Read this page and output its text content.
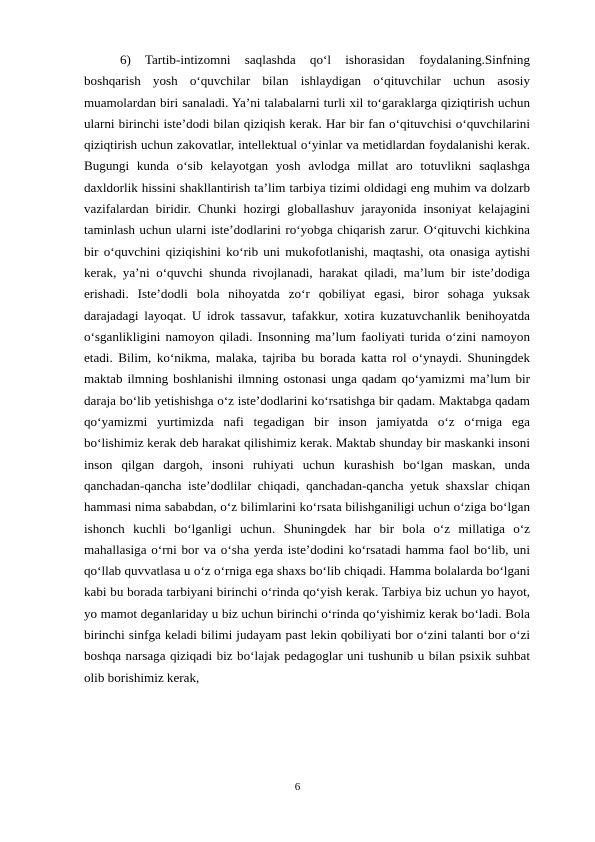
6) Tartib-intizomni saqlashda qo‘l ishorasidan foydalaning.Sinfning boshqarish yosh o‘quvchilar bilan ishlaydigan o‘qituvchilar uchun asosiy muamolardan biri sanaladi. Ya’ni talabalarni turli xil to‘garaklarga qiziqtirish uchun ularni birinchi iste’dodi bilan qiziqish kerak. Har bir fan o‘qituvchisi o‘quvchilarini qiziqtirish uchun zakovatlar, intellektual o‘yinlar va metidlardan foydalanishi kerak. Bugungi kunda o‘sib kelayotgan yosh avlodga millat aro totuvlikni saqlashga daxldorlik hissini shakllantirish ta’lim tarbiya tizimi oldidagi eng muhim va dolzarb vazifalardan biridir. Chunki hozirgi globallashuv jarayonida insoniyat kelajagini taminlash uchun ularni iste’dodlarini ro‘yobga chiqarish zarur. O‘qituvchi kichkina bir o‘quvchini qiziqishini ko‘rib uni mukofotlanishi, maqtashi, ota onasiga aytishi kerak, ya’ni o‘quvchi shunda rivojlanadi, harakat qiladi, ma’lum bir iste’dodiga erishadi. Iste’dodli bola nihoyatda zo‘r qobiliyat egasi, biror sohaga yuksak darajadagi layoqat. U idrok tassavur, tafakkur, xotira kuzatuvchanlik benihoyatda o‘sganlikligini namoyon qiladi. Insonning ma’lum faoliyati turida o‘zini namoyon etadi. Bilim, ko‘nikma, malaka, tajriba bu borada katta rol o‘ynaydi. Shuningdek maktab ilmning boshlanishi ilmning ostonasi unga qadam qo‘yamizmi ma’lum bir daraja bo‘lib yetishishga o‘z iste’dodlarini ko‘rsatishga bir qadam. Maktabga qadam qo‘yamizmi yurtimizda nafi tegadigan bir inson jamiyatda o‘z o‘rniga ega bo‘lishimiz kerak deb harakat qilishimiz kerak. Maktab shunday bir maskanki insoni inson qilgan dargoh, insoni ruhiyati uchun kurashish bo‘lgan maskan, unda qanchadan-qancha iste’dodlilar chiqadi, qanchadan-qancha yetuk shaxslar chiqan hammasi nima sababdan, o‘z bilimlarini ko‘rsata bilishganiligi uchun o‘ziga bo‘lgan ishonch kuchli bo‘lganligi uchun. Shuningdek har bir bola o‘z millatiga o‘z mahallasiga o‘rni bor va o‘sha yerda iste’dodini ko‘rsatadi hamma faol bo‘lib, uni qo‘llab quvvatlasa u o‘z o‘rniga ega shaxs bo‘lib chiqadi. Hamma bolalarda bo‘lgani kabi bu borada tarbiyani birinchi o‘rinda qo‘yish kerak. Tarbiya biz uchun yo hayot, yo mamot deganlariday u biz uchun birinchi o‘rinda qo‘yishimiz kerak bo‘ladi. Bola birinchi sinfga keladi bilimi judayam past lekin qobiliyati bor o‘zini talanti bor o‘zi boshqa narsaga qiziqadi biz bo‘lajak pedagoglar uni tushunib u bilan psixik suhbat olib borishimiz kerak,

6
